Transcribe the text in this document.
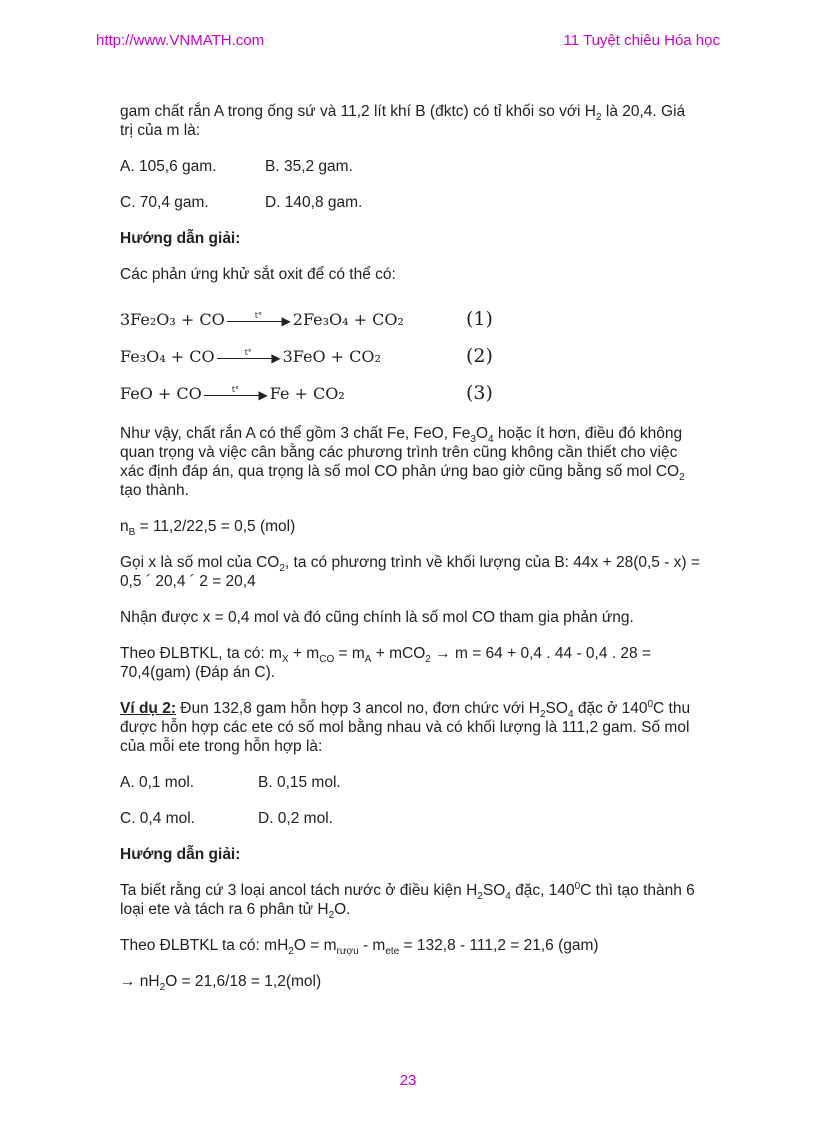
http://www.VNMATH.com	11 Tuyệt chiêu Hóa học

gam chất rắn A trong ống sứ và 11,2 lít khí B (đktc) có tỉ khối so với $H_2$ là 20,4. Giá trị của m là:

A. 105,6 gam.	B. 35,2 gam.

C. 70,4 gam.	D. 140,8 gam.

Hướng dẫn giải:

Các phản ứng khử sắt oxit để có thể có:

3Fe₂O₃ + CO	t° ▶ 2Fe₃O₄ + CO₂	(1)
Fe₃O₄ + CO	t° ▶ 3FeO + CO₂	(2)
FeO + CO	t° ▶ Fe + CO₂	(3)

Như vậy, chất rắn A có thể gồm 3 chất Fe, FeO, $Fe_3O_4$ hoặc ít hơn, điều đó không quan trọng và việc cân bằng các phương trình trên cũng không cần thiết cho việc xác định đáp án, qua trọng là số mol CO phản ứng bao giờ cũng bằng số mol $CO_2$ tạo thành.

$n_B = 11,2/22,5 = 0,5$ (mol)

Gọi x là số mol của $CO_2$, ta có phương trình về khối lượng của B: 44x + 28(0,5 - x) = 0,5 ´ 20,4 ´ 2 = 20,4

Nhận được x = 0,4 mol và đó cũng chính là số mol CO tham gia phản ứng.

Theo ĐLBTKL, ta có: $m_X + m_{CO} = m_A + mCO_2 \to m = 64 + 0,4$ . 44 - 0,4 . 28 = 70,4(gam) (Đáp án C).

Ví dụ 2: Đun 132,8 gam hỗn hợp 3 ancol no, đơn chức với $H_2SO_4$ đặc ở $140^0C$ thu được hỗn hợp các ete có số mol bằng nhau và có khối lượng là 111,2 gam. Số mol của mỗi ete trong hỗn hợp là:

A. 0,1 mol.	B. 0,15 mol.

C. 0,4 mol.	D. 0,2 mol.

Hướng dẫn giải:

Ta biết rằng cứ 3 loại ancol tách nước ở điều kiện $H_2SO_4$ đặc, $140^0C$ thì tạo thành 6 loại ete và tách ra 6 phân tử $H_2O$.

Theo ĐLBTKL ta có: $mH_2O = m_{rượu} - m_{ete} = 132,8 - 111,2 = 21,6$ (gam)

→ $nH_2O = 21,6/18 = 1,2(mol)$

23
